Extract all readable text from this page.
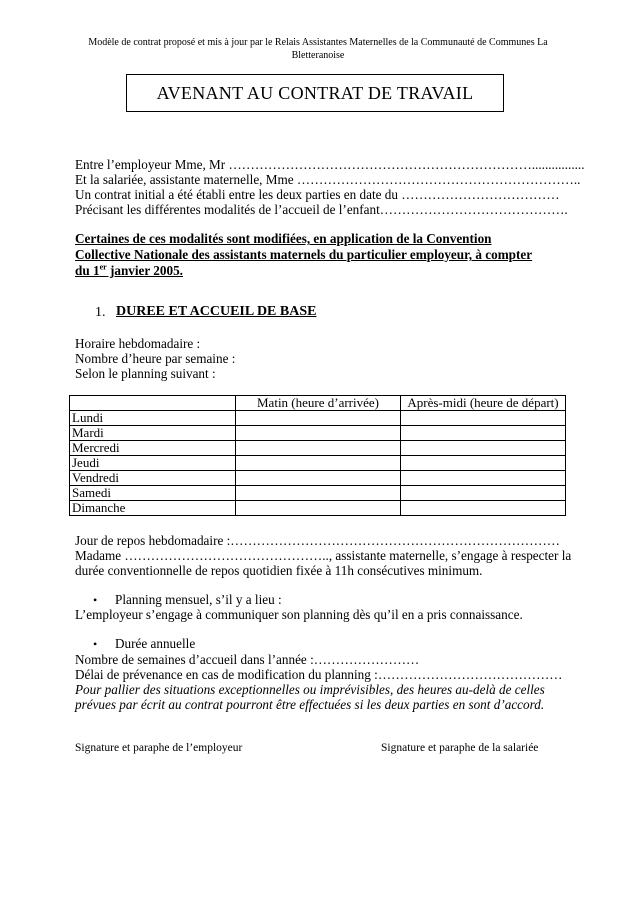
Modèle de contrat proposé et mis à jour par le Relais Assistantes Maternelles de la Communauté de Communes La Bletteranoise
AVENANT AU CONTRAT DE TRAVAIL
Entre l’employeur Mme, Mr ……………………………………………………………................
Et la salariée, assistante maternelle, Mme ………………………………………………………..
Un contrat initial a été établi entre les deux parties en date du ………………………………
Précisant les différentes modalités de l’accueil de l’enfant…………………………………….
Certaines de ces modalités sont modifiées, en application de la Convention Collective Nationale des assistants maternels du particulier employeur, à compter du 1er janvier 2005.
1. DUREE ET ACCUEIL DE BASE
Horaire hebdomadaire :
Nombre d’heure par semaine :
Selon le planning suivant :
	Matin (heure d’arrivée)	Après-midi (heure de départ)
Lundi		
Mardi		
Mercredi		
Jeudi		
Vendredi		
Samedi		
Dimanche		
Jour de repos hebdomadaire :…………………………………………………………………
Madame ……………………………………….., assistante maternelle, s’engage à respecter la
durée conventionnelle de repos quotidien fixée à 11h consécutives minimum.
• Planning mensuel, s’il y a lieu :
L’employeur s’engage à communiquer son planning dès qu’il en a pris connaissance.
• Durée annuelle
Nombre de semaines d’accueil dans l’année :……………………
Délai de prévenance en cas de modification du planning :……………………………………
Pour pallier des situations exceptionnelles ou imprévisibles, des heures au-delà de celles
prévues par écrit au contrat pourront être effectuées si les deux parties en sont d’accord.
Signature et paraphe de l’employeur	Signature et paraphe de la salariée
